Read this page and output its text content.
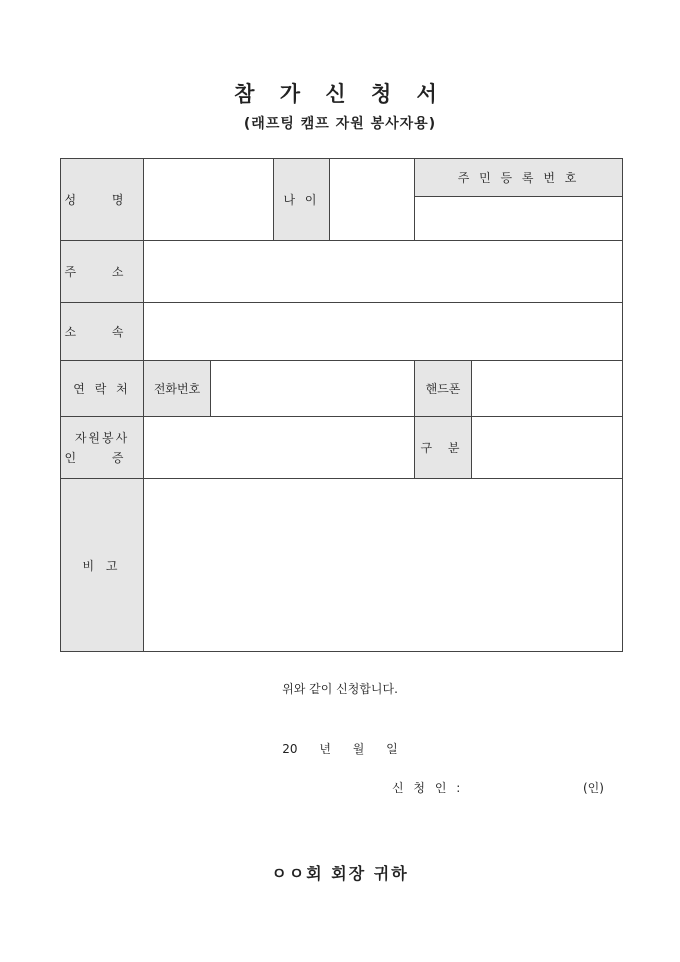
참 가 신 청 서
(래프팅 캠프 자원 봉사자용)
성 명			나 이		주 민 등 록 번 호	

주 소						
소 속						
연 락 처	전화번호				핸드폰	

자원봉사
인 증					구 분	
비 고						
위와 같이 신청합니다.
20 년 월 일
신 청 인 :	(인)
ㅇㅇ회 회장 귀하
